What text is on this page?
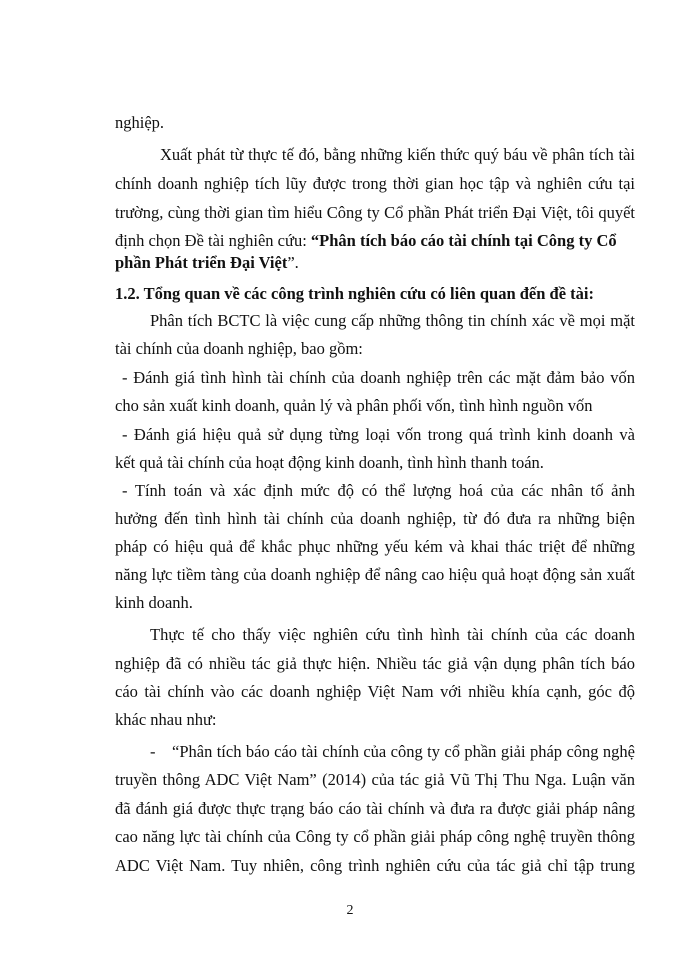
nghiệp.
Xuất phát từ thực tế đó, bằng những kiến thức quý báu về phân tích tài
chính doanh nghiệp tích lũy được trong thời gian học tập và nghiên cứu tại
trường, cùng thời gian tìm hiểu Công ty Cổ phần Phát triển Đại Việt, tôi quyết
định chọn Đề tài nghiên cứu: “Phân tích báo cáo tài chính tại Công ty Cổ
phần Phát triển Đại Việt”.
1.2. Tổng quan về các công trình nghiên cứu có liên quan đến đề tài:
Phân tích BCTC là việc cung cấp những thông tin chính xác về mọi mặt
tài chính của doanh nghiệp, bao gồm:
- Đánh giá tình hình tài chính của doanh nghiệp trên các mặt đảm bảo vốn
cho sản xuất kinh doanh, quản lý và phân phối vốn, tình hình nguồn vốn
- Đánh giá hiệu quả sử dụng từng loại vốn trong quá trình kinh doanh và
kết quả tài chính của hoạt động kinh doanh, tình hình thanh toán.
- Tính toán và xác định mức độ có thể lượng hoá của các nhân tố ảnh
hưởng đến tình hình tài chính của doanh nghiệp, từ đó đưa ra những biện
pháp có hiệu quả để khắc phục những yếu kém và khai thác triệt để những
năng lực tiềm tàng của doanh nghiệp để nâng cao hiệu quả hoạt động sản xuất
kinh doanh.
Thực tế cho thấy việc nghiên cứu tình hình tài chính của các doanh
nghiệp đã có nhiều tác giả thực hiện. Nhiều tác giả vận dụng phân tích báo
cáo tài chính vào các doanh nghiệp Việt Nam với nhiều khía cạnh, góc độ
khác nhau như:
-	“Phân tích báo cáo tài chính của công ty cổ phần giải pháp công nghệ
truyền thông ADC Việt Nam” (2014) của tác giả Vũ Thị Thu Nga. Luận văn
đã đánh giá được thực trạng báo cáo tài chính và đưa ra được giải pháp nâng
cao năng lực tài chính của Công ty cổ phần giải pháp công nghệ truyền thông
ADC Việt Nam. Tuy nhiên, công trình nghiên cứu của tác giả chỉ tập trung
2
